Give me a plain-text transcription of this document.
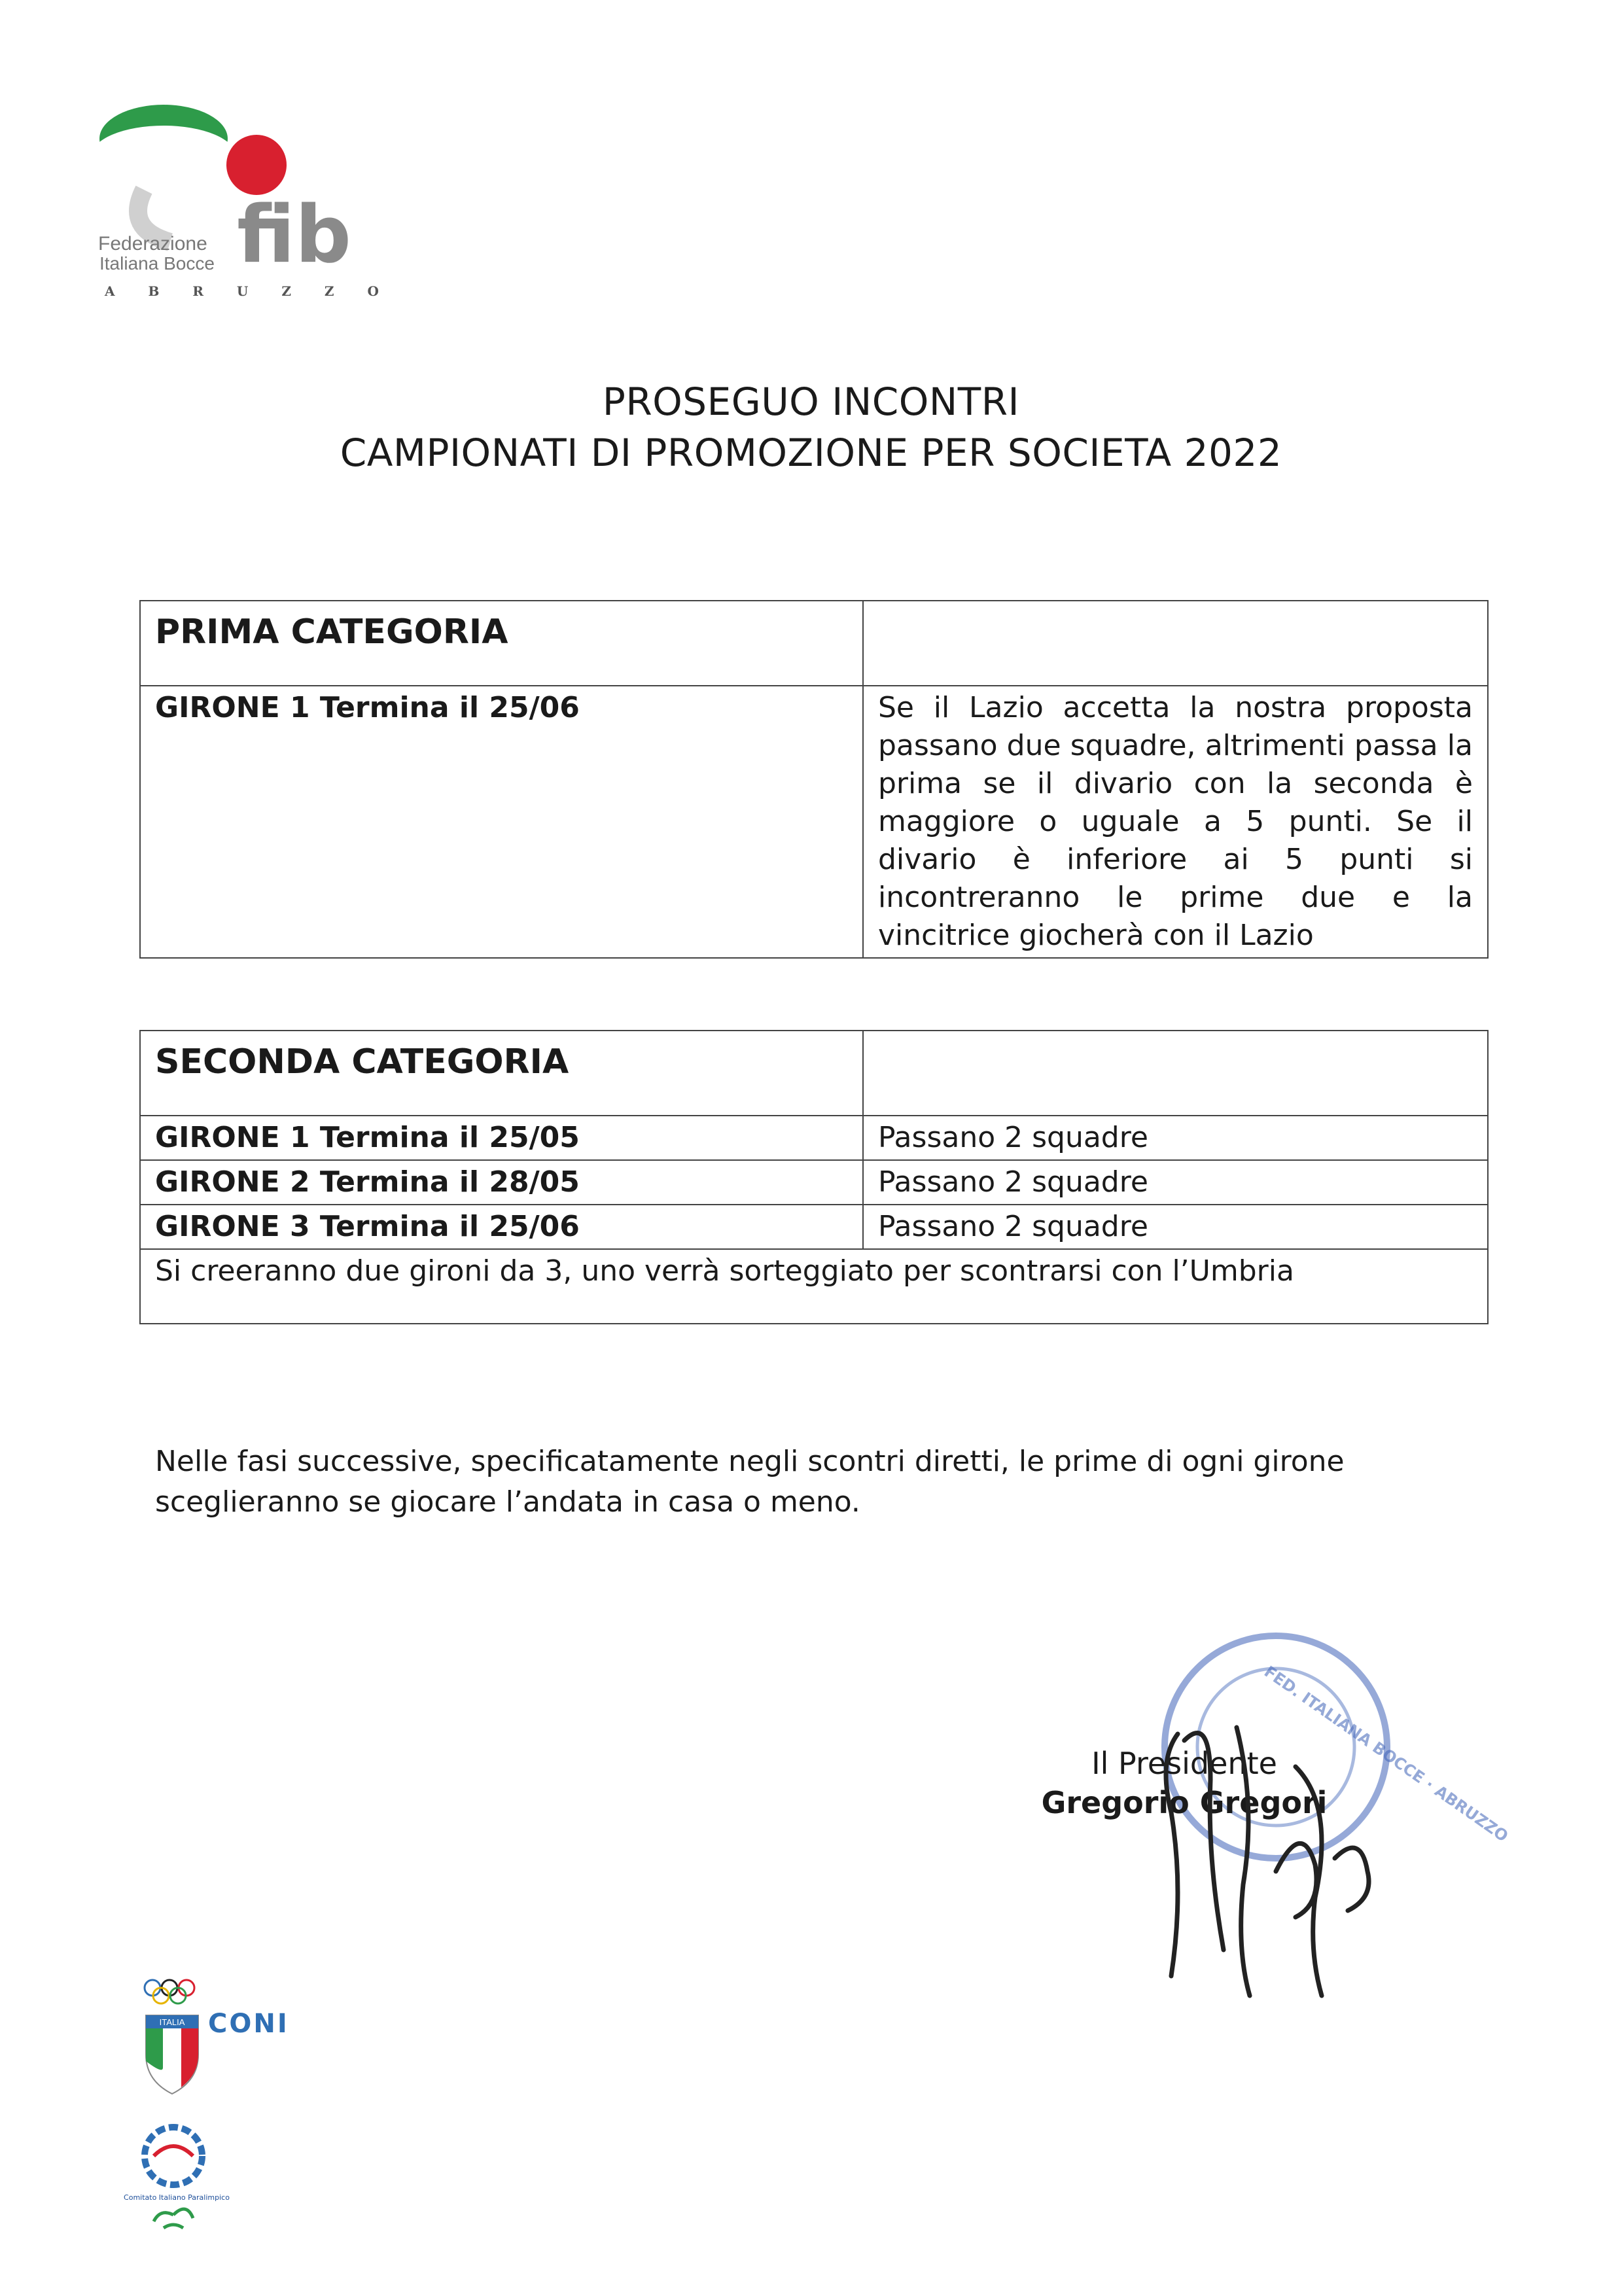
fib
Federazione
Italiana Bocce
A B R U Z Z O
PROSEGUO INCONTRI
CAMPIONATI DI PROMOZIONE PER SOCIETA 2022
PRIMA CATEGORIA	
GIRONE 1 Termina il 25/06	Se il Lazio accetta la nostra proposta passano due squadre, altrimenti passa la prima se il divario con la seconda è maggiore o uguale a 5 punti. Se il divario è inferiore ai 5 punti si incontreranno le prime due e la vincitrice giocherà con il Lazio
SECONDA CATEGORIA	
GIRONE 1 Termina il 25/05	Passano 2 squadre
GIRONE 2 Termina il 28/05	Passano 2 squadre
GIRONE 3 Termina il 25/06	Passano 2 squadre
Si creeranno due gironi da 3, uno verrà sorteggiato per scontrarsi con l’Umbria	
Nelle fasi successive, specificatamente negli scontri diretti, le prime di ogni girone sceglieranno se giocare l’andata in casa o meno.
FED. ITALIANA BOCCE · ABRUZZO
Il Presidente
Gregorio Gregori
ITALIA CONI
Comitato Italiano Paralimpico
